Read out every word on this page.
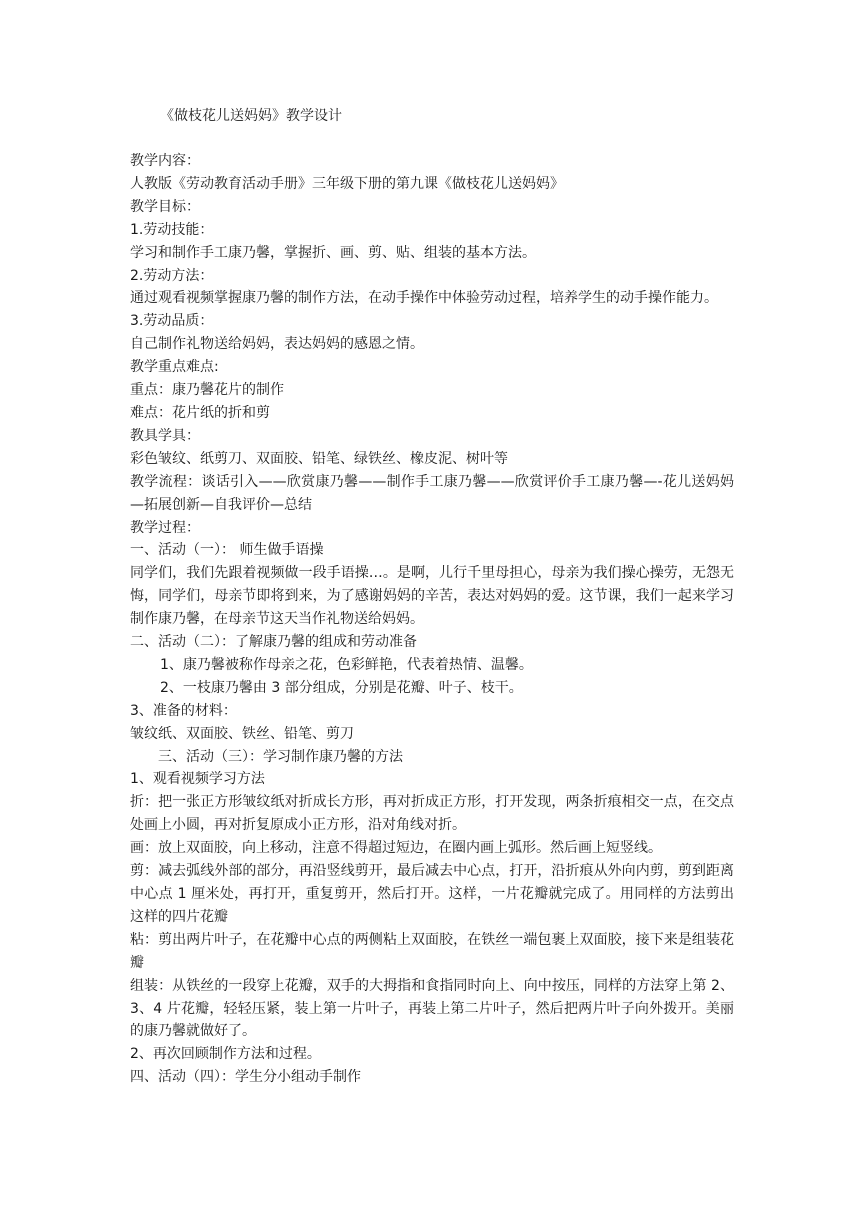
《做枝花儿送妈妈》教学设计

教学内容：

人教版《劳动教育活动手册》三年级下册的第九课《做枝花儿送妈妈》

教学目标：

1.劳动技能：

学习和制作手工康乃馨，掌握折、画、剪、贴、组装的基本方法。

2.劳动方法：

通过观看视频掌握康乃馨的制作方法，在动手操作中体验劳动过程，培养学生的动手操作能力。

3.劳动品质：

自己制作礼物送给妈妈，表达妈妈的感恩之情。

教学重点难点:

重点：康乃馨花片的制作

难点：花片纸的折和剪

教具学具：

彩色皱纹、纸剪刀、双面胶、铅笔、绿铁丝、橡皮泥、树叶等

教学流程：谈话引入——欣赏康乃馨——制作手工康乃馨——欣赏评价手工康乃馨—-花儿送妈妈—拓展创新—自我评价—总结

教学过程：

一、活动（一）： 师生做手语操

同学们，我们先跟着视频做一段手语操…。是啊，儿行千里母担心，母亲为我们操心操劳，无怨无悔，同学们，母亲节即将到来，为了感谢妈妈的辛苦，表达对妈妈的爱。这节课，我们一起来学习制作康乃馨，在母亲节这天当作礼物送给妈妈。

二、活动（二）：了解康乃馨的组成和劳动准备

1、康乃馨被称作母亲之花，色彩鲜艳，代表着热情、温馨。

2、一枝康乃馨由 3 部分组成，分别是花瓣、叶子、枝干。

3、准备的材料：

皱纹纸、双面胶、铁丝、铅笔、剪刀

三、活动（三）：学习制作康乃馨的方法

1、观看视频学习方法

折：把一张正方形皱纹纸对折成长方形，再对折成正方形，打开发现，两条折痕相交一点，在交点处画上小圆，再对折复原成小正方形，沿对角线对折。

画：放上双面胶，向上移动，注意不得超过短边，在圈内画上弧形。然后画上短竖线。

剪：减去弧线外部的部分，再沿竖线剪开，最后减去中心点，打开，沿折痕从外向内剪，剪到距离中心点 1 厘米处，再打开，重复剪开，然后打开。这样，一片花瓣就完成了。用同样的方法剪出这样的四片花瓣

粘：剪出两片叶子，在花瓣中心点的两侧粘上双面胶，在铁丝一端包裹上双面胶，接下来是组装花瓣

组装：从铁丝的一段穿上花瓣，双手的大拇指和食指同时向上、向中按压，同样的方法穿上第 2、3、4 片花瓣，轻轻压紧，装上第一片叶子，再装上第二片叶子，然后把两片叶子向外拨开。美丽的康乃馨就做好了。

2、再次回顾制作方法和过程。

四、活动（四）：学生分小组动手制作
